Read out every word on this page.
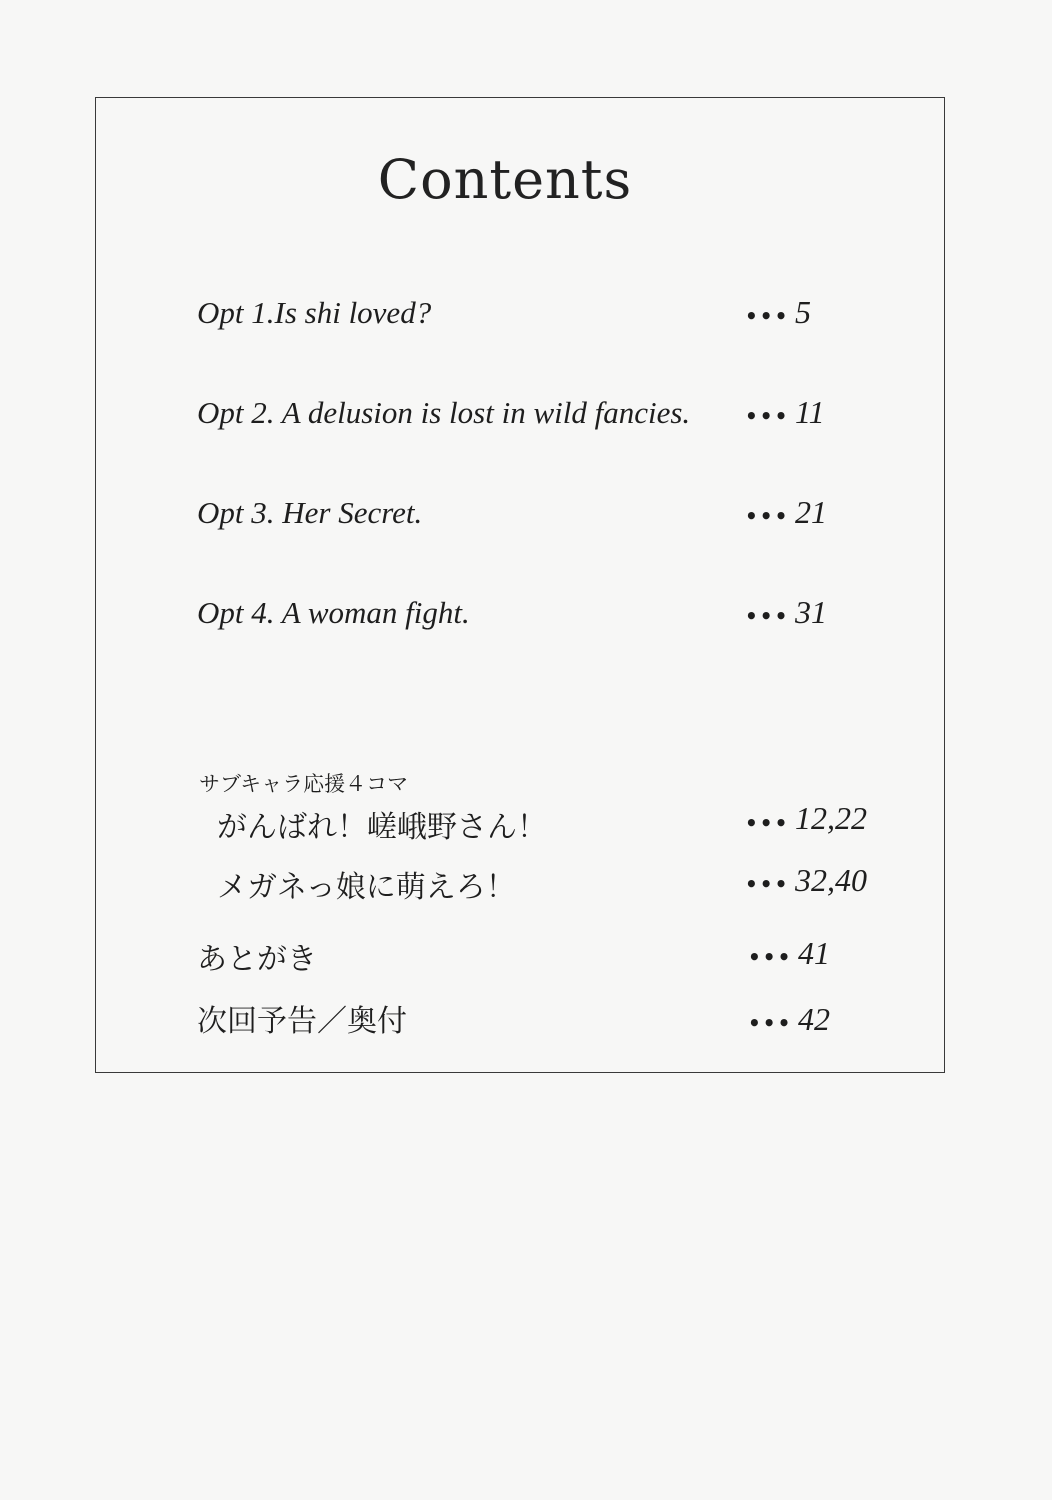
Contents
Opt 1.Is shi loved?	••• 5
Opt 2. A delusion is lost in wild fancies.	••• 11
Opt 3. Her Secret.	••• 21
Opt 4. A woman fight.	••• 31
サブキャラ応援４コマ
がんばれ！嵯峨野さん！	••• 12,22
メガネっ娘に萌えろ！	••• 32,40
あとがき	••• 41
次回予告／奥付	••• 42
